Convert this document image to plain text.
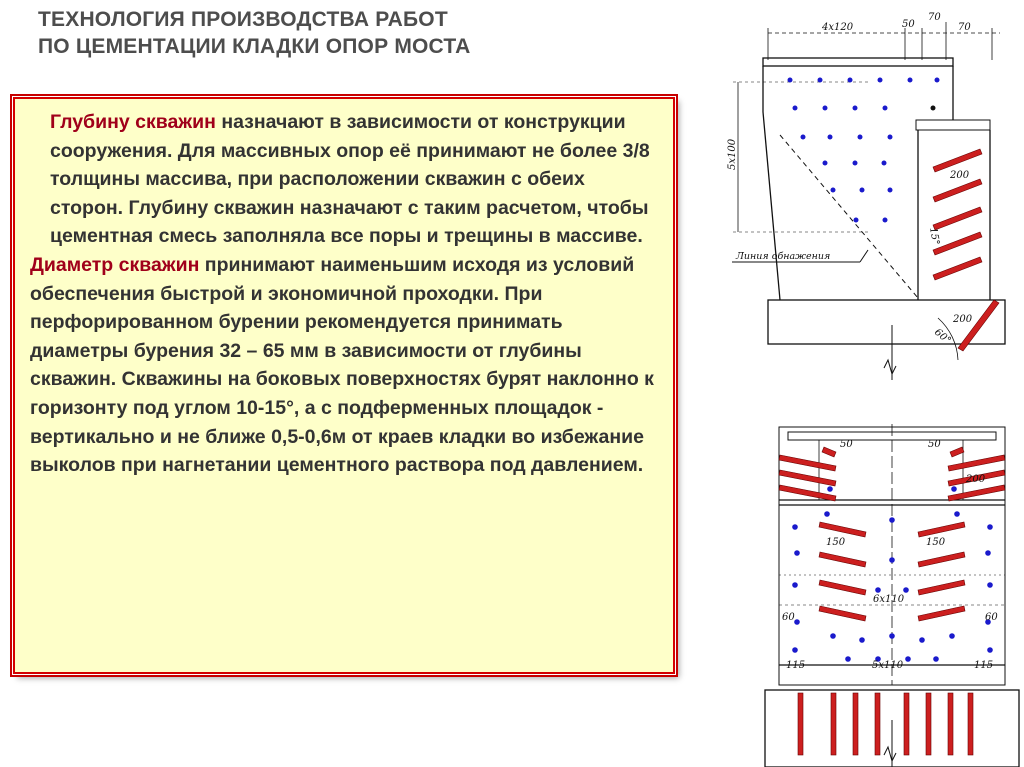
ТЕХНОЛОГИЯ ПРОИЗВОДСТВА РАБОТ
ПО ЦЕМЕНТАЦИИ КЛАДКИ ОПОР МОСТА

Глубину скважин назначают в зависимости от конструкции сооружения. Для массивных опор её принимают не более 3/8 толщины массива, при расположении скважин с обеих сторон. Глубину скважин назначают с таким расчетом, чтобы цементная смесь заполняла все поры и трещины в массиве.

Диаметр скважин принимают наименьшим исходя из условий обеспечения быстрой и экономичной проходки. При перфорированном бурении рекомендуется принимать диаметры бурения 32 – 65 мм в зависимости от глубины скважин. Скважины на боковых поверхностях бурят наклонно к горизонту под углом 10-15°, а с подферменных площадок - вертикально и не ближе 0,5-0,6м от краев кладки во избежание выколов при нагнетании цементного раствора под давлением.

4х120	50
70
70
5х100
200
200
15°
60°
Линия обнажения
50	50
200
150	150
6х110
60	60
115	115
5х110
